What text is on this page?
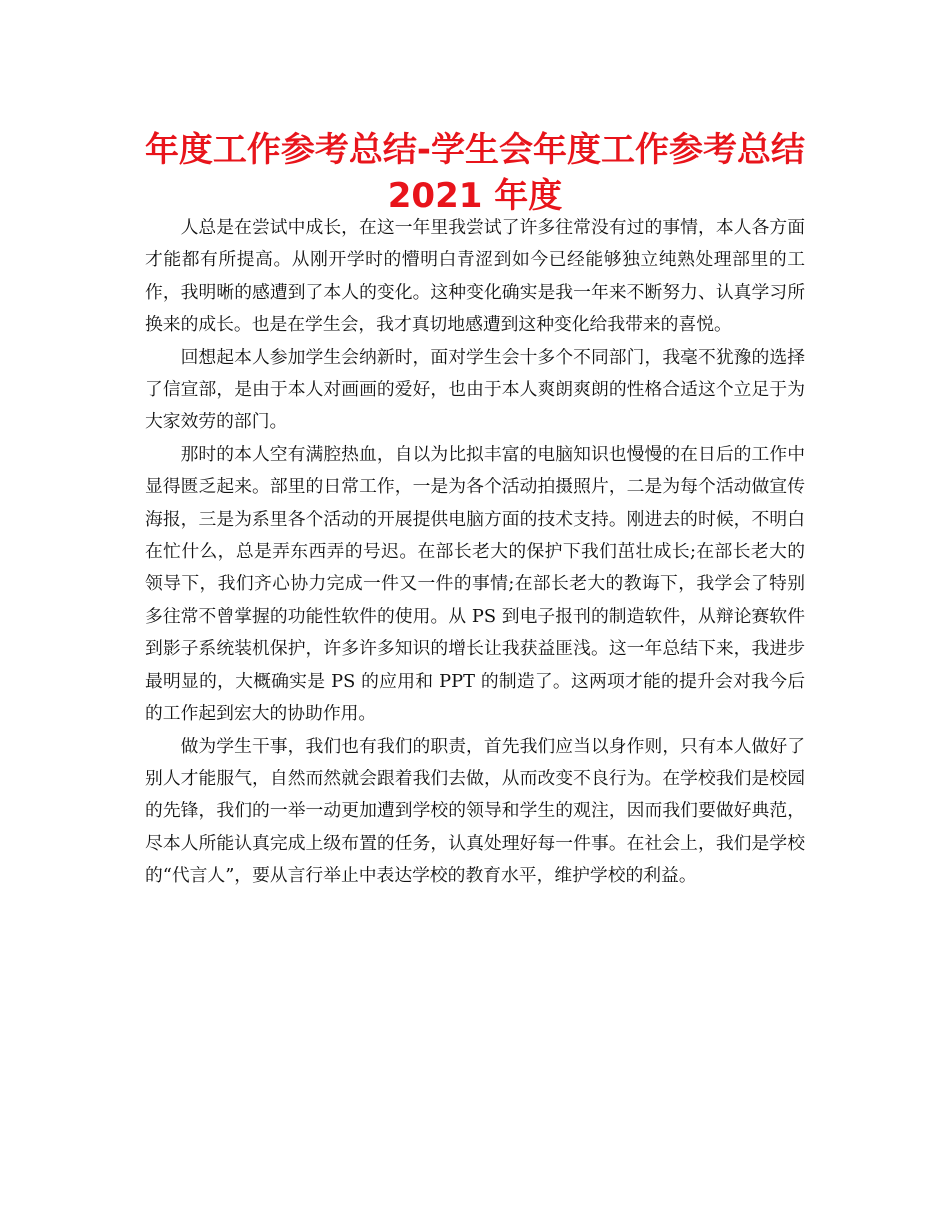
年度工作参考总结-学生会年度工作参考总结
2021 年度

人总是在尝试中成长，在这一年里我尝试了许多往常没有过的事情，本人各方面才能都有所提高。从刚开学时的懵明白青涩到如今已经能够独立纯熟处理部里的工作，我明晰的感遭到了本人的变化。这种变化确实是我一年来不断努力、认真学习所换来的成长。也是在学生会，我才真切地感遭到这种变化给我带来的喜悦。

回想起本人参加学生会纳新时，面对学生会十多个不同部门，我毫不犹豫的选择了信宣部，是由于本人对画画的爱好，也由于本人爽朗爽朗的性格合适这个立足于为大家效劳的部门。

那时的本人空有满腔热血，自以为比拟丰富的电脑知识也慢慢的在日后的工作中显得匮乏起来。部里的日常工作，一是为各个活动拍摄照片，二是为每个活动做宣传海报，三是为系里各个活动的开展提供电脑方面的技术支持。刚进去的时候，不明白在忙什么，总是弄东西弄的号迟。在部长老大的保护下我们茁壮成长;在部长老大的领导下，我们齐心协力完成一件又一件的事情;在部长老大的教诲下，我学会了特别多往常不曾掌握的功能性软件的使用。从 PS 到电子报刊的制造软件，从辩论赛软件到影子系统装机保护，许多许多知识的增长让我获益匪浅。这一年总结下来，我进步最明显的，大概确实是 PS 的应用和 PPT 的制造了。这两项才能的提升会对我今后的工作起到宏大的协助作用。

做为学生干事，我们也有我们的职责，首先我们应当以身作则，只有本人做好了别人才能服气，自然而然就会跟着我们去做，从而改变不良行为。在学校我们是校园的先锋，我们的一举一动更加遭到学校的领导和学生的观注，因而我们要做好典范，尽本人所能认真完成上级布置的任务，认真处理好每一件事。在社会上，我们是学校的“代言人”，要从言行举止中表达学校的教育水平，维护学校的利益。
